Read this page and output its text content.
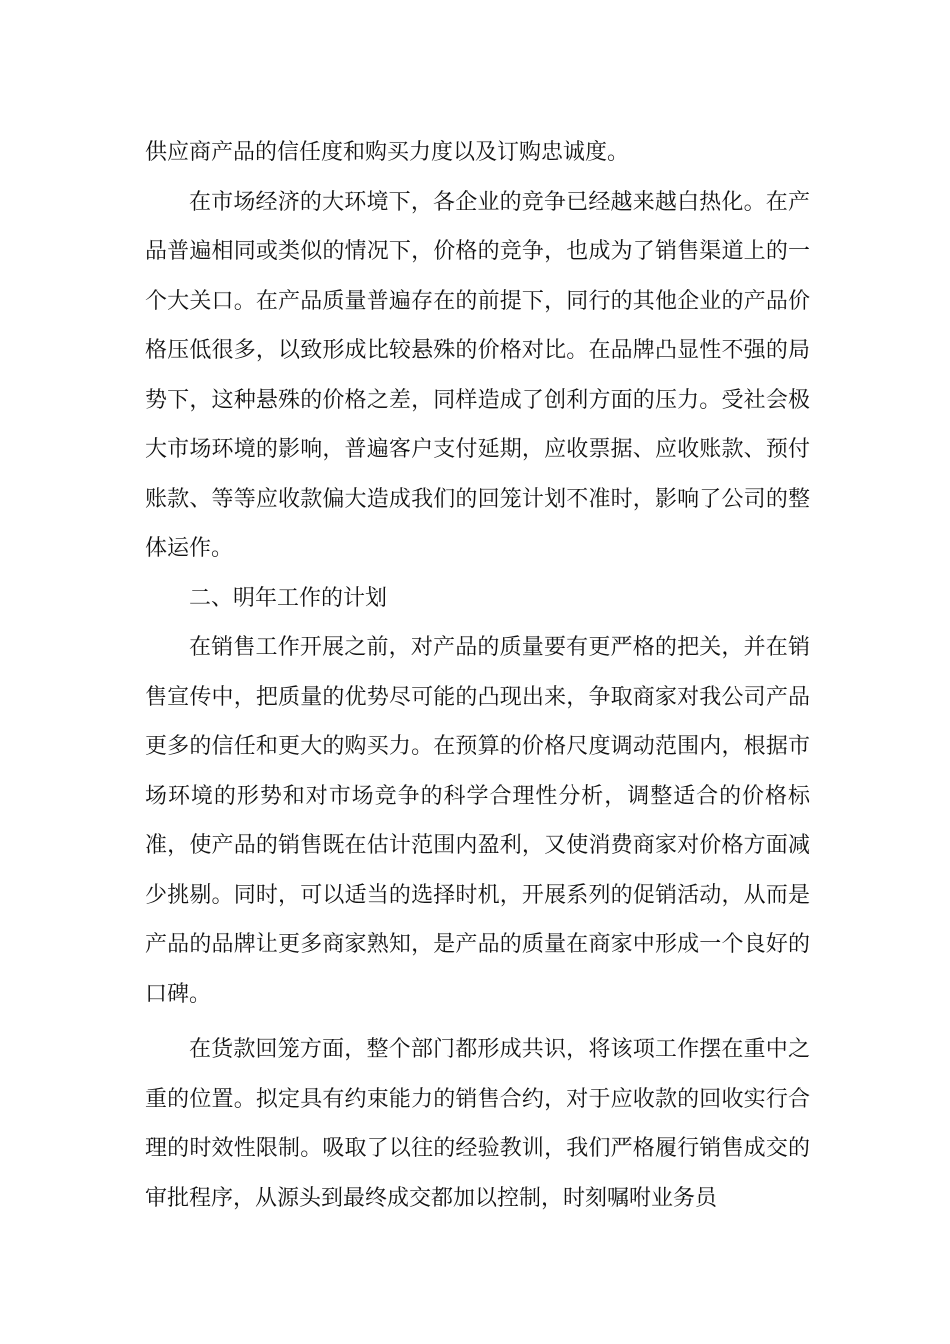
供应商产品的信任度和购买力度以及订购忠诚度。

在市场经济的大环境下，各企业的竞争已经越来越白热化。在产品普遍相同或类似的情况下，价格的竞争，也成为了销售渠道上的一个大关口。在产品质量普遍存在的前提下，同行的其他企业的产品价格压低很多，以致形成比较悬殊的价格对比。在品牌凸显性不强的局势下，这种悬殊的价格之差，同样造成了创利方面的压力。受社会极大市场环境的影响，普遍客户支付延期，应收票据、应收账款、预付账款、等等应收款偏大造成我们的回笼计划不准时，影响了公司的整体运作。

二、明年工作的计划

在销售工作开展之前，对产品的质量要有更严格的把关，并在销售宣传中，把质量的优势尽可能的凸现出来，争取商家对我公司产品更多的信任和更大的购买力。在预算的价格尺度调动范围内，根据市场环境的形势和对市场竞争的科学合理性分析，调整适合的价格标准，使产品的销售既在估计范围内盈利，又使消费商家对价格方面减少挑剔。同时，可以适当的选择时机，开展系列的促销活动，从而是产品的品牌让更多商家熟知，是产品的质量在商家中形成一个良好的口碑。

在货款回笼方面，整个部门都形成共识，将该项工作摆在重中之重的位置。拟定具有约束能力的销售合约，对于应收款的回收实行合理的时效性限制。吸取了以往的经验教训，我们严格履行销售成交的审批程序，从源头到最终成交都加以控制，时刻嘱咐业务员
